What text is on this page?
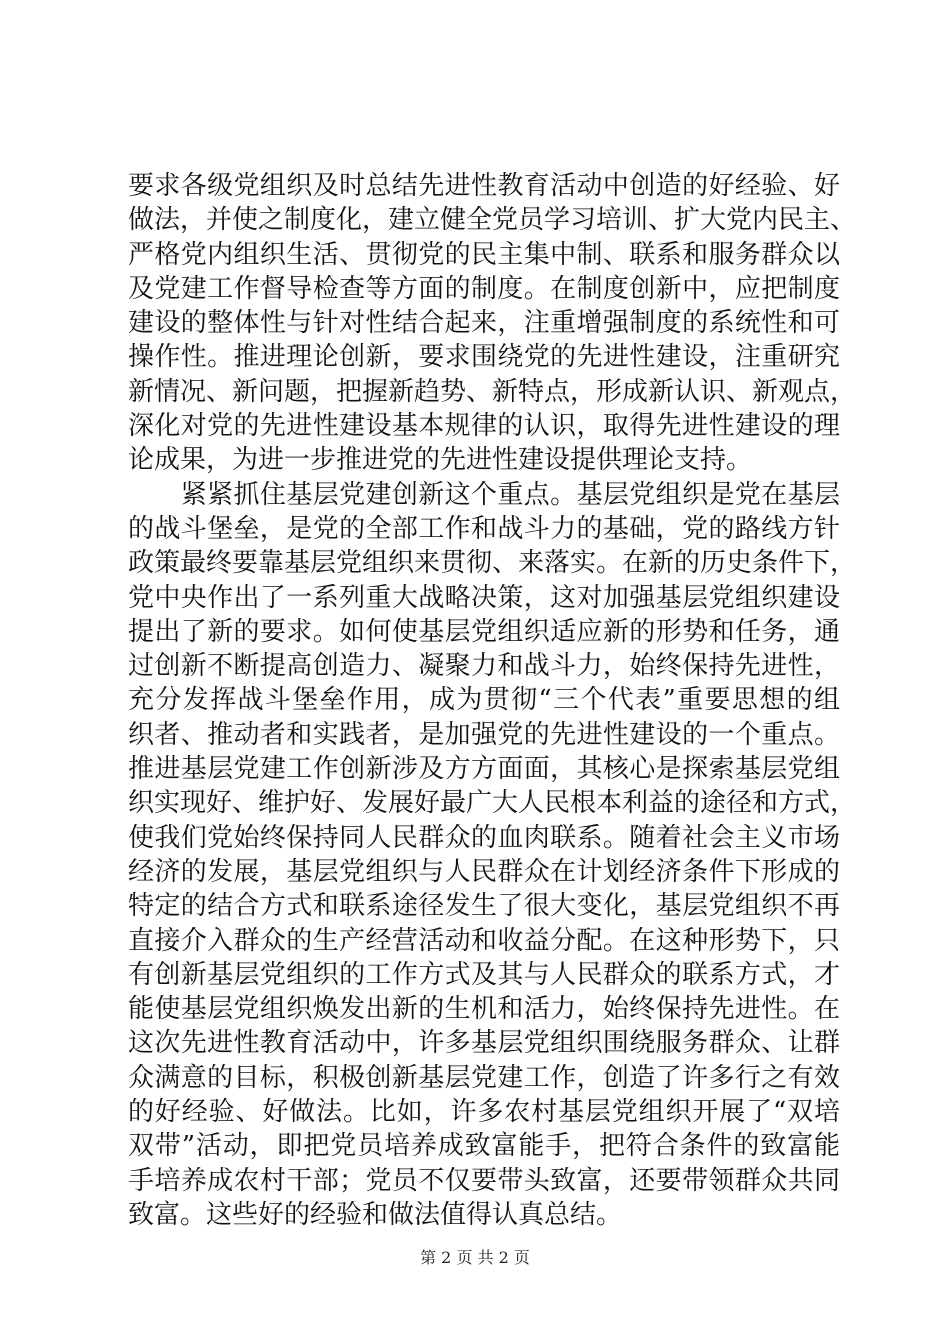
要求各级党组织及时总结先进性教育活动中创造的好经验、好
做法，并使之制度化，建立健全党员学习培训、扩大党内民主、
严格党内组织生活、贯彻党的民主集中制、联系和服务群众以
及党建工作督导检查等方面的制度。在制度创新中，应把制度
建设的整体性与针对性结合起来，注重增强制度的系统性和可
操作性。推进理论创新，要求围绕党的先进性建设，注重研究
新情况、新问题，把握新趋势、新特点，形成新认识、新观点，
深化对党的先进性建设基本规律的认识，取得先进性建设的理
论成果，为进一步推进党的先进性建设提供理论支持。
　　紧紧抓住基层党建创新这个重点。基层党组织是党在基层
的战斗堡垒，是党的全部工作和战斗力的基础，党的路线方针
政策最终要靠基层党组织来贯彻、来落实。在新的历史条件下，
党中央作出了一系列重大战略决策，这对加强基层党组织建设
提出了新的要求。如何使基层党组织适应新的形势和任务，通
过创新不断提高创造力、凝聚力和战斗力，始终保持先进性，
充分发挥战斗堡垒作用，成为贯彻“三个代表”重要思想的组
织者、推动者和实践者，是加强党的先进性建设的一个重点。
推进基层党建工作创新涉及方方面面，其核心是探索基层党组
织实现好、维护好、发展好最广大人民根本利益的途径和方式，
使我们党始终保持同人民群众的血肉联系。随着社会主义市场
经济的发展，基层党组织与人民群众在计划经济条件下形成的
特定的结合方式和联系途径发生了很大变化，基层党组织不再
直接介入群众的生产经营活动和收益分配。在这种形势下，只
有创新基层党组织的工作方式及其与人民群众的联系方式，才
能使基层党组织焕发出新的生机和活力，始终保持先进性。在
这次先进性教育活动中，许多基层党组织围绕服务群众、让群
众满意的目标，积极创新基层党建工作，创造了许多行之有效
的好经验、好做法。比如，许多农村基层党组织开展了“双培
双带”活动，即把党员培养成致富能手，把符合条件的致富能
手培养成农村干部；党员不仅要带头致富，还要带领群众共同
致富。这些好的经验和做法值得认真总结。
第 2 页 共 2 页
